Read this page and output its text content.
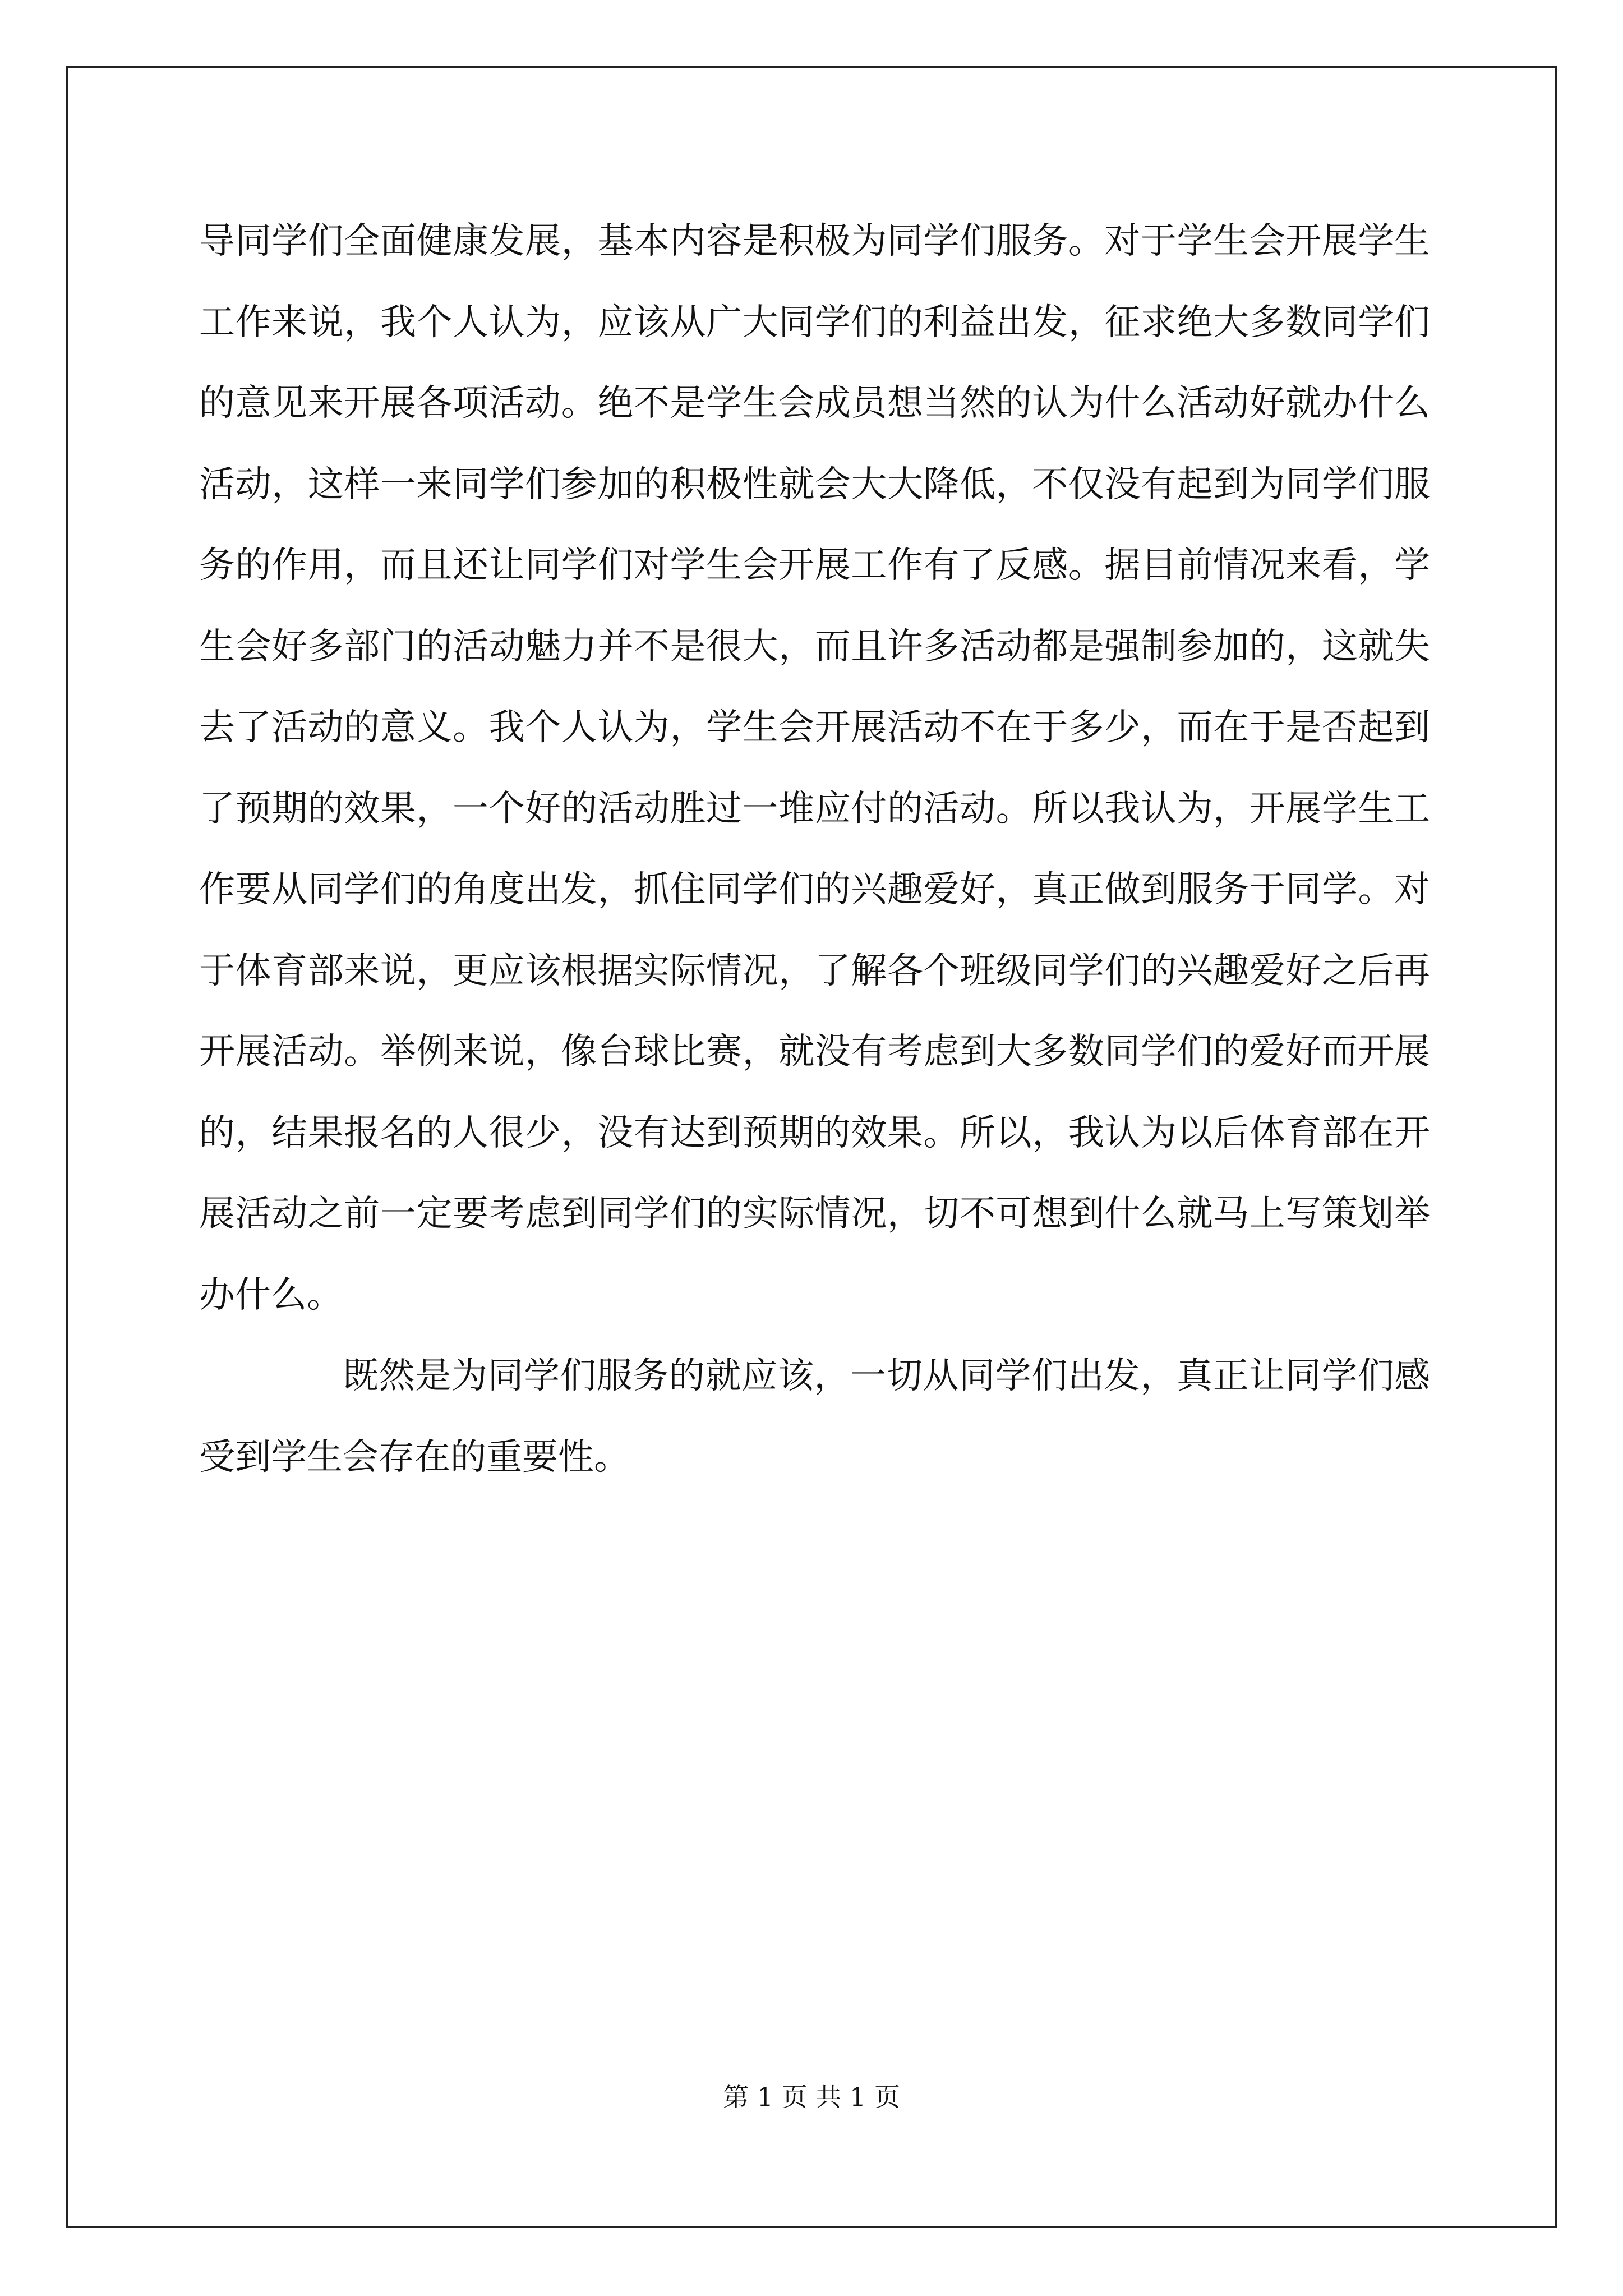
导同学们全面健康发展，基本内容是积极为同学们服务。对于学生会开展学生工作来说，我个人认为，应该从广大同学们的利益出发，征求绝大多数同学们的意见来开展各项活动。绝不是学生会成员想当然的认为什么活动好就办什么活动，这样一来同学们参加的积极性就会大大降低，不仅没有起到为同学们服务的作用，而且还让同学们对学生会开展工作有了反感。据目前情况来看，学生会好多部门的活动魅力并不是很大，而且许多活动都是强制参加的，这就失去了活动的意义。我个人认为，学生会开展活动不在于多少，而在于是否起到了预期的效果，一个好的活动胜过一堆应付的活动。所以我认为，开展学生工作要从同学们的角度出发，抓住同学们的兴趣爱好，真正做到服务于同学。对于体育部来说，更应该根据实际情况，了解各个班级同学们的兴趣爱好之后再开展活动。举例来说，像台球比赛，就没有考虑到大多数同学们的爱好而开展的，结果报名的人很少，没有达到预期的效果。所以，我认为以后体育部在开展活动之前一定要考虑到同学们的实际情况，切不可想到什么就马上写策划举办什么。

既然是为同学们服务的就应该，一切从同学们出发，真正让同学们感受到学生会存在的重要性。

第 1 页 共 1 页
